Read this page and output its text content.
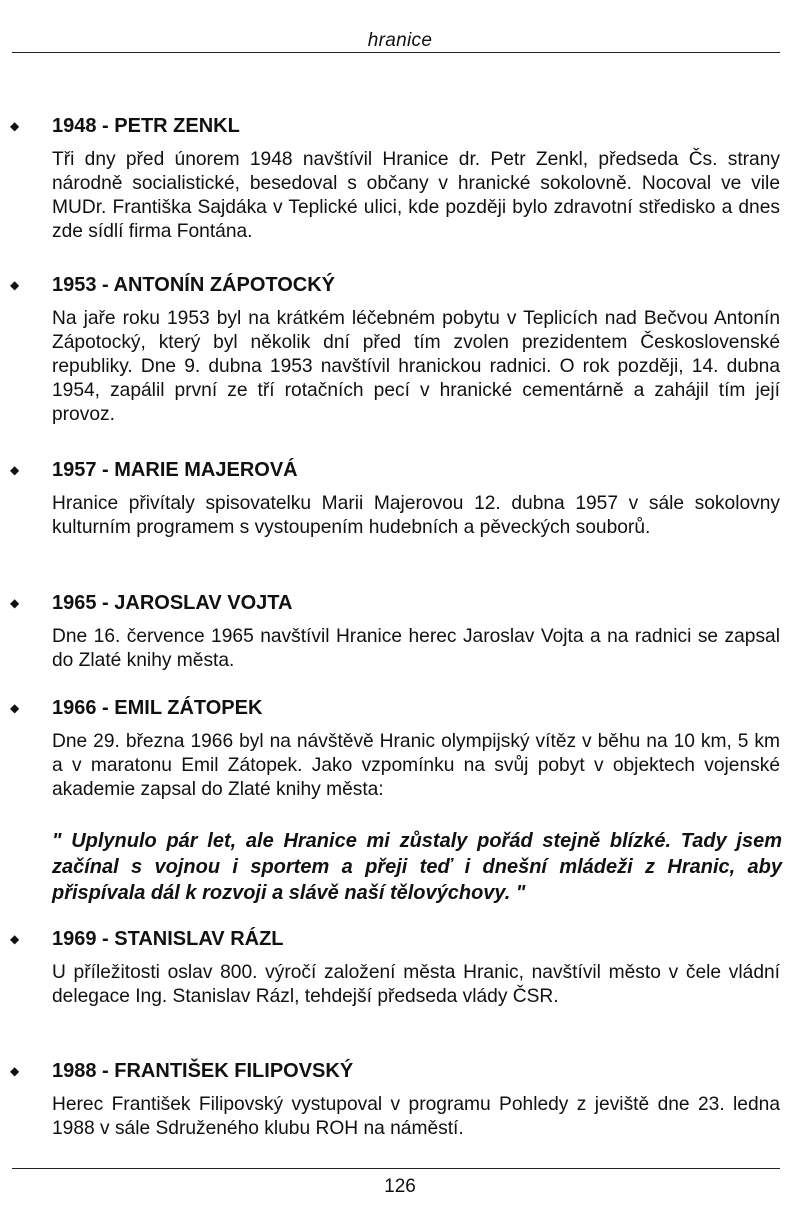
hranice
◆ 1948 - PETR ZENKL
Tři dny před únorem 1948 navštívil Hranice dr. Petr Zenkl, předseda Čs. strany národně socialistické, besedoval s občany v hranické sokolovně. Nocoval ve vile MUDr. Františka Sajdáka v Teplické ulici, kde později bylo zdravotní středisko a dnes zde sídlí firma Fontána.
◆ 1953 - ANTONÍN ZÁPOTOCKÝ
Na jaře roku 1953 byl na krátkém léčebném pobytu v Teplicích nad Bečvou Antonín Zápotocký, který byl několik dní před tím zvolen prezidentem Československé republiky. Dne 9. dubna 1953 navštívil hranickou radnici. O rok později, 14. dubna 1954, zapálil první ze tří rotačních pecí v hranické cementárně a zahájil tím její provoz.
◆ 1957 - MARIE MAJEROVÁ
Hranice přivítaly spisovatelku Marii Majerovou 12. dubna 1957 v sále sokolovny kulturním programem s vystoupením hudebních a pěveckých souborů.
◆ 1965 - JAROSLAV VOJTA
Dne 16. července 1965 navštívil Hranice herec Jaroslav Vojta a na radnici se zapsal do Zlaté knihy města.
◆ 1966 - EMIL ZÁTOPEK
Dne 29. března 1966 byl na návštěvě Hranic olympijský vítěz v běhu na 10 km, 5 km a v maratonu Emil Zátopek. Jako vzpomínku na svůj pobyt v objektech vojenské akademie zapsal do Zlaté knihy města:
" Uplynulo pár let, ale Hranice mi zůstaly pořád stejně blízké. Tady jsem začínal s vojnou i sportem a přeji teď i dnešní mládeži z Hranic, aby přispívala dál k rozvoji a slávě naší tělovýchovy. "
◆ 1969 - STANISLAV RÁZL
U příležitosti oslav 800. výročí založení města Hranic, navštívil město v čele vládní delegace Ing. Stanislav Rázl, tehdejší předseda vlády ČSR.
◆ 1988 - FRANTIŠEK FILIPOVSKÝ
Herec František Filipovský vystupoval v programu Pohledy z jeviště dne 23. ledna 1988 v sále Sdruženého klubu ROH na náměstí.
126
